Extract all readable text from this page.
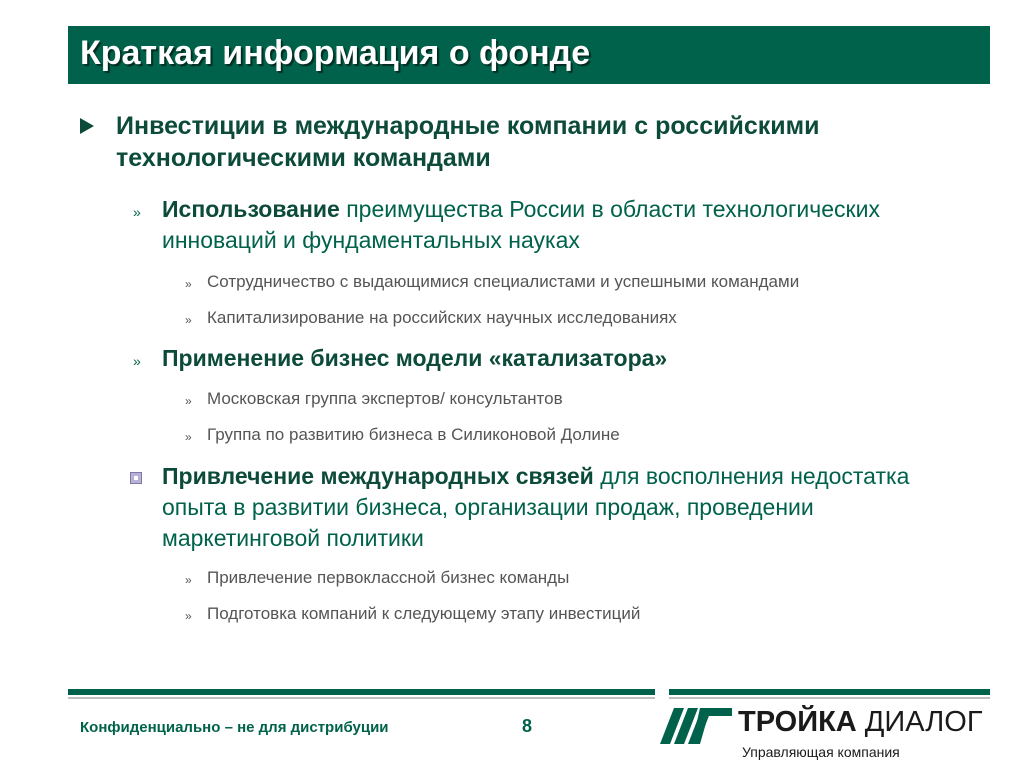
Краткая информация о фонде
Инвестиции в международные компании с российскими технологическими командами
» Использование преимущества России в области технологических инноваций и фундаментальных науках
» Сотрудничество с выдающимися специалистами и успешными командами
» Капитализирование на российских научных исследованиях
» Применение бизнес модели «катализатора»
» Московская группа экспертов/ консультантов
» Группа по развитию бизнеса в Силиконовой Долине
Привлечение международных связей для восполнения недостатка опыта в развитии бизнеса, организации продаж, проведении маркетинговой политики
» Привлечение первоклассной бизнес команды
» Подготовка компаний к следующему этапу инвестиций
Конфиденциально – не для дистрибуции	8	ТРОЙКА ДИАЛОГ
Управляющая компания
